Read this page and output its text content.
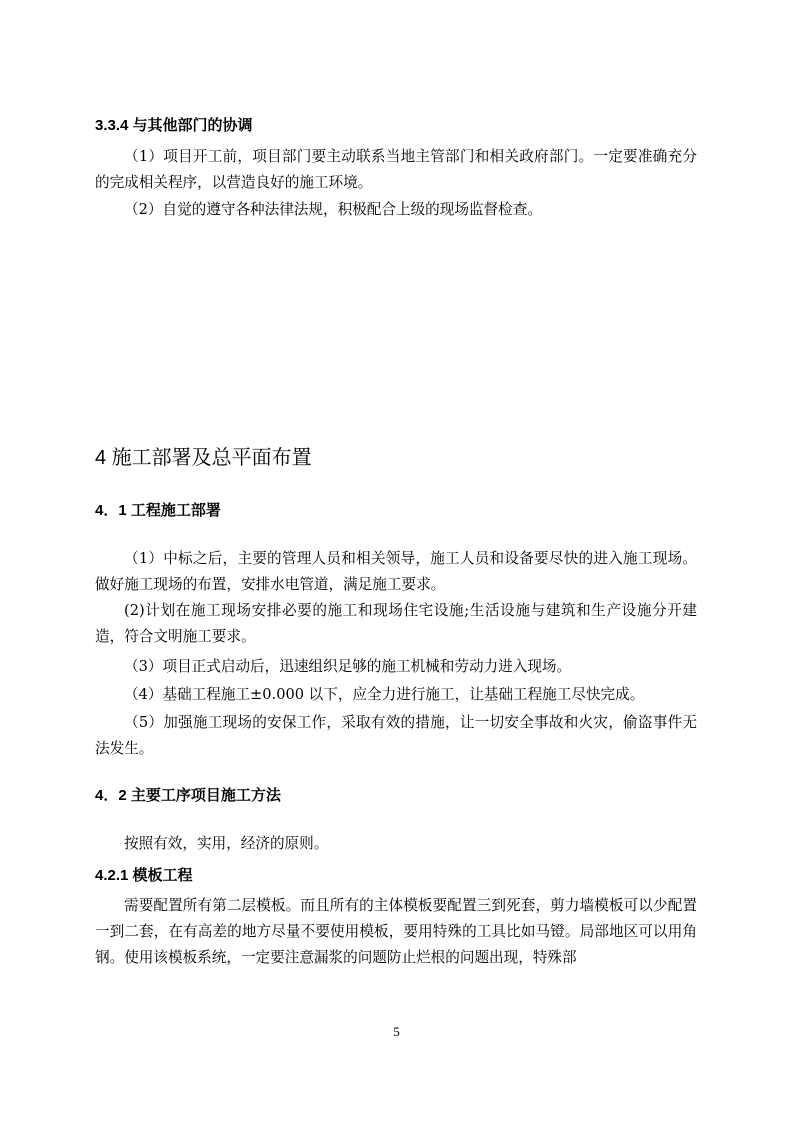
3.3.4 与其他部门的协调
（1）项目开工前，项目部门要主动联系当地主管部门和相关政府部门。一定要准确充分的完成相关程序，以营造良好的施工环境。
（2）自觉的遵守各种法律法规，积极配合上级的现场监督检查。
4 施工部署及总平面布置
4．1 工程施工部署
（1）中标之后，主要的管理人员和相关领导，施工人员和设备要尽快的进入施工现场。做好施工现场的布置，安排水电管道，满足施工要求。
(2)计划在施工现场安排必要的施工和现场住宅设施;生活设施与建筑和生产设施分开建造，符合文明施工要求。
（3）项目正式启动后，迅速组织足够的施工机械和劳动力进入现场。
（4）基础工程施工±0.000 以下，应全力进行施工，让基础工程施工尽快完成。
（5）加强施工现场的安保工作，采取有效的措施，让一切安全事故和火灾，偷盗事件无法发生。
4．2 主要工序项目施工方法
按照有效，实用，经济的原则。
4.2.1 模板工程
需要配置所有第二层模板。而且所有的主体模板要配置三到死套，剪力墙模板可以少配置一到二套，在有高差的地方尽量不要使用模板，要用特殊的工具比如马镫。局部地区可以用角钢。使用该模板系统，一定要注意漏浆的问题防止烂根的问题出现，特殊部
5
